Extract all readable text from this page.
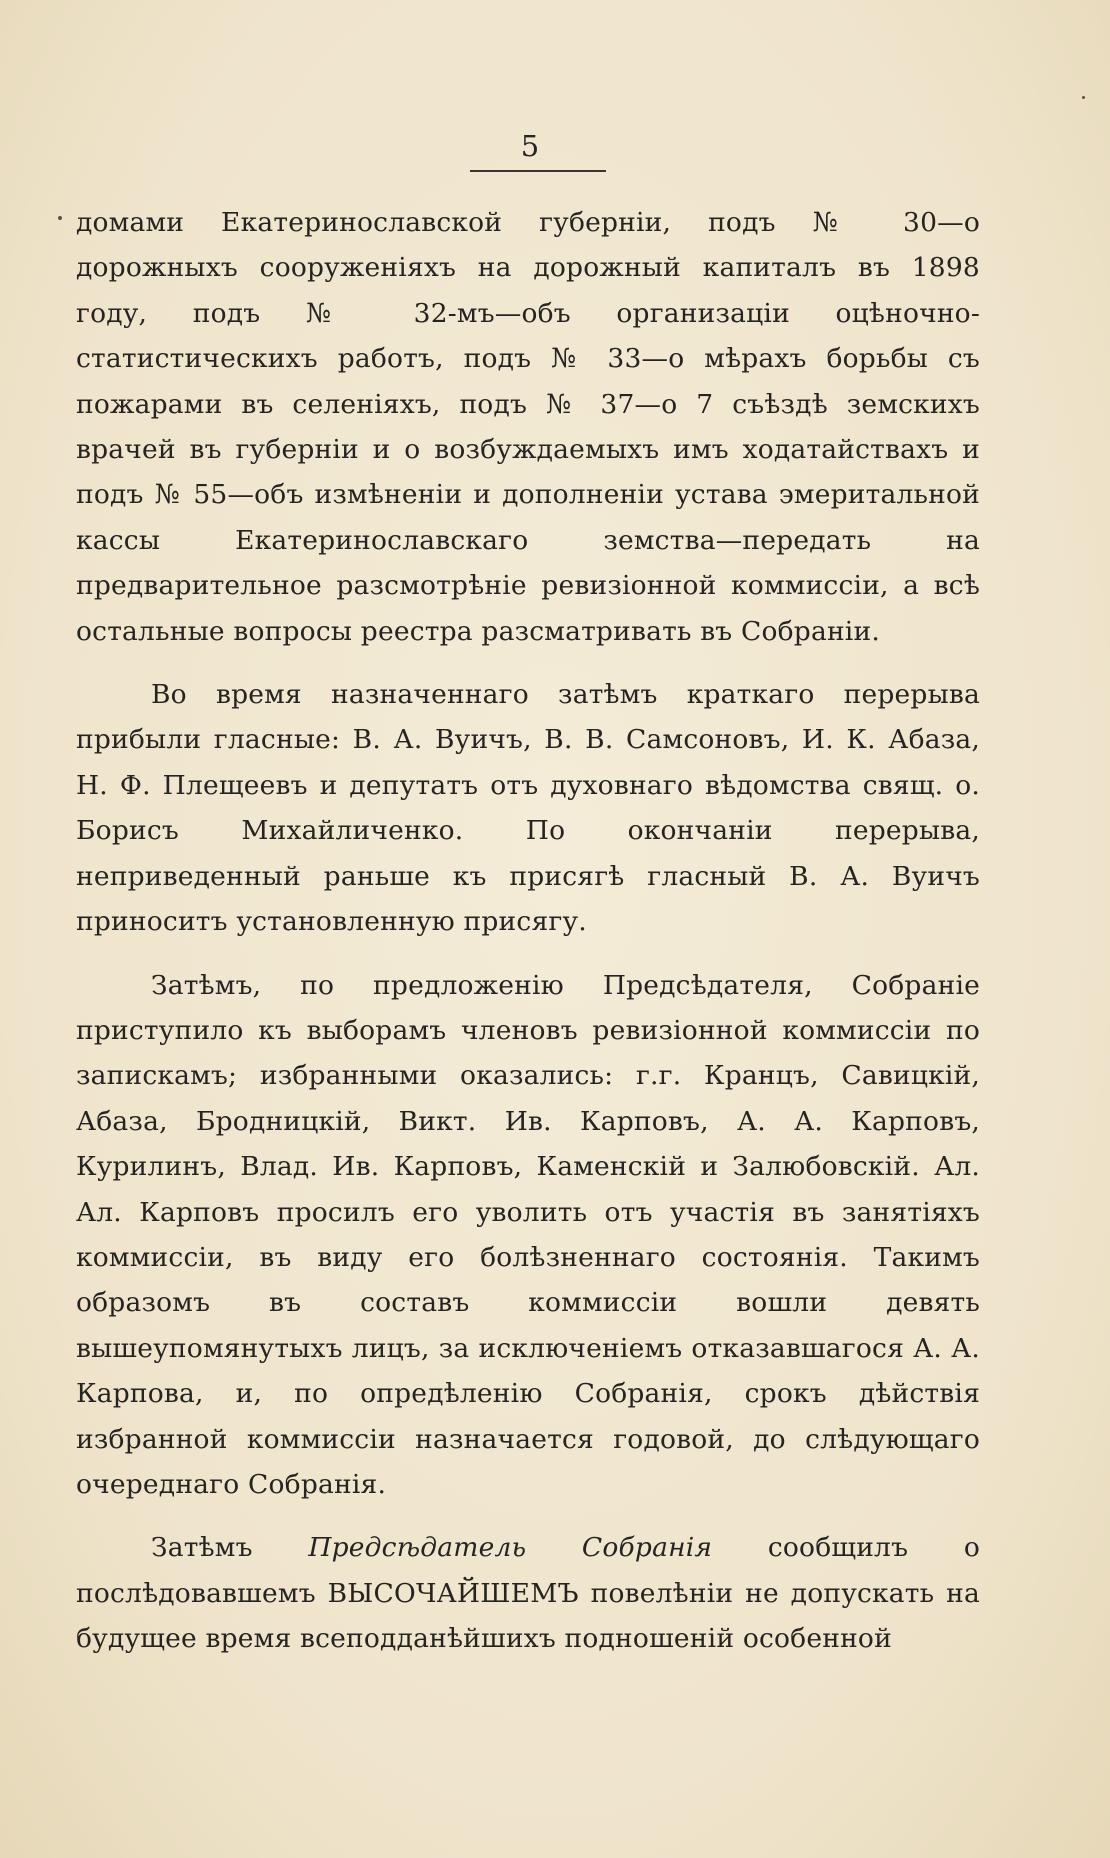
5

домами Екатеринославской губерніи, подъ № 30—о дорожныхъ сооруженіяхъ на дорожный капиталъ въ 1898 году, подъ № 32-мъ—объ организаціи оцѣночно-статистическихъ работъ, подъ № 33—о мѣрахъ борьбы съ пожарами въ селеніяхъ, подъ № 37—о 7 съѣздѣ земскихъ врачей въ губерніи и о возбуждаемыхъ имъ ходатайствахъ и подъ № 55—объ измѣненіи и дополненіи устава эмеритальной кассы Екатеринославскаго земства—передать на предварительное разсмотрѣніе ревизіонной коммиссіи, а всѣ остальные вопросы реестра разсматривать въ Собраніи.

Во время назначеннаго затѣмъ краткаго перерыва прибыли гласные: В. А. Вуичъ, В. В. Самсоновъ, И. К. Абаза, Н. Ф. Плещеевъ и депутатъ отъ духовнаго вѣдомства свящ. о. Борисъ Михайличенко. По окончаніи перерыва, неприведенный раньше къ присягѣ гласный В. А. Вуичъ приноситъ установленную присягу.

Затѣмъ, по предложенію Предсѣдателя, Собраніе приступило къ выборамъ членовъ ревизіонной коммиссіи по запискамъ; избранными оказались: г.г. Кранцъ, Савицкій, Абаза, Бродницкій, Викт. Ив. Карповъ, А. А. Карповъ, Курилинъ, Влад. Ив. Карповъ, Каменскій и Залюбовскій. Ал. Ал. Карповъ просилъ его уволить отъ участія въ занятіяхъ коммиссіи, въ виду его болѣзненнаго состоянія. Такимъ образомъ въ составъ коммиссіи вошли девять вышеупомянутыхъ лицъ, за исключеніемъ отказавшагося А. А. Карпова, и, по опредѣленію Собранія, срокъ дѣйствія избранной коммиссіи назначается годовой, до слѣдующаго очереднаго Собранія.

Затѣмъ Предсѣдатель Собранія сообщилъ о послѣдовавшемъ ВЫСОЧАЙШЕМЪ повелѣніи не допускать на будущее время всеподданѣйшихъ подношеній особенной
